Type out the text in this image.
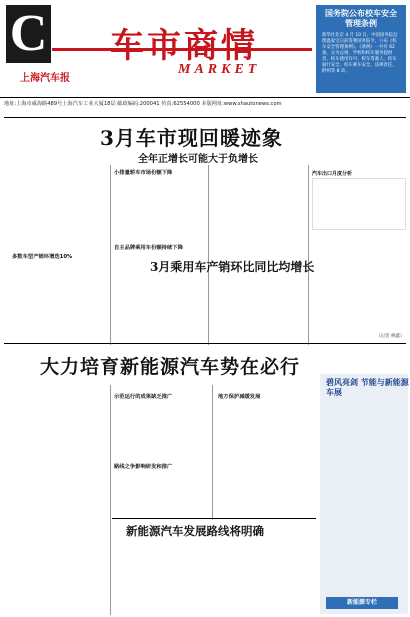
C 车市商情
MARKET
上海汽车报
地址:上海市威海路489号上海汽车工业大厦18层 邮政编码:200041 传真:62554000 本版网址:www.shautonews.com
国务院公布校车安全管理条例
新华社北京 4 月 10 日，中国国务院总理温家宝日前签署国务院令，公布《校车安全管理条例》。《条例》一共有 62 条，分为总则、学校和校车服务提供者、校车使用许可、校车驾驶人、校车通行安全、校车乘车安全、法律责任、附则等 8 章。
3月车市现回暖迹象
全年正增长可能大于负增长
多数车型产销环增迭10%
小排量轿车市场份额下降
自主品牌乘用车份额持续下降
汽车出口月度分析
3月乘用车产销环比同比均增长
（记者 林鑫）
大力培育新能源汽车势在必行
示范运行的成果缺乏推广
路线之争影响研发和推广
地方保护减缓发展
新能源汽车发展路线将明确
碧风亮剑 节能与新能源车展
新能源专栏
